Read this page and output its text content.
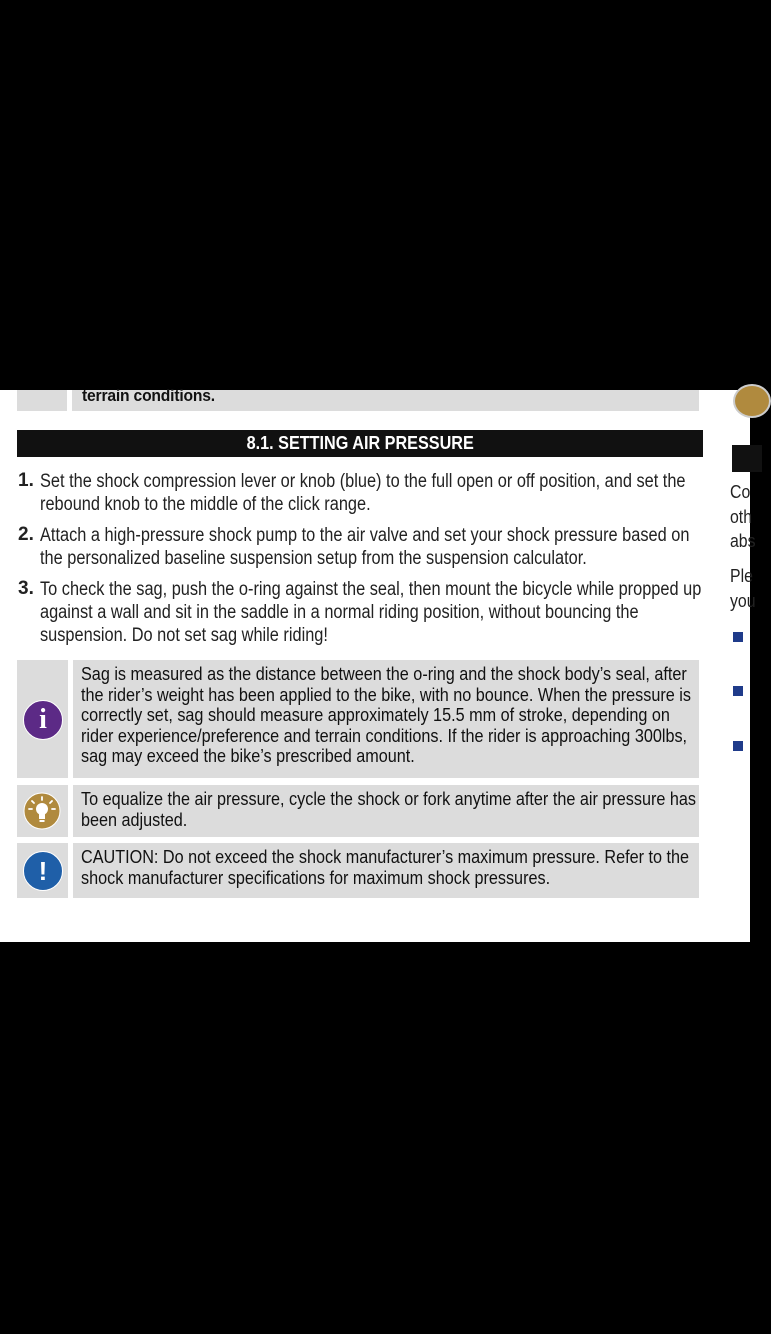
terrain conditions.
8.1. SETTING AIR PRESSURE
1. Set the shock compression lever or knob (blue) to the full open or off position, and set the rebound knob to the middle of the click range.
2. Attach a high-pressure shock pump to the air valve and set your shock pressure based on the personalized baseline suspension setup from the suspension calculator.
3. To check the sag, push the o-ring against the seal, then mount the bicycle while propped up against a wall and sit in the saddle in a normal riding position, without bouncing the suspension. Do not set sag while riding!
i
Sag is measured as the distance between the o-ring and the shock body’s seal, after the rider’s weight has been applied to the bike, with no bounce. When the pressure is correctly set, sag should measure approximately 15.5 mm of stroke, depending on rider experience/preference and terrain conditions. If the rider is approaching 300lbs, sag may exceed the bike’s prescribed amount.
To equalize the air pressure, cycle the shock or fork anytime after the air pressure has been adjusted.
!	CAUTION: Do not exceed the shock manufacturer’s maximum pressure. Refer to the shock manufacturer specifications for maximum shock pressures.
Co
oth
abs
Ple
you
